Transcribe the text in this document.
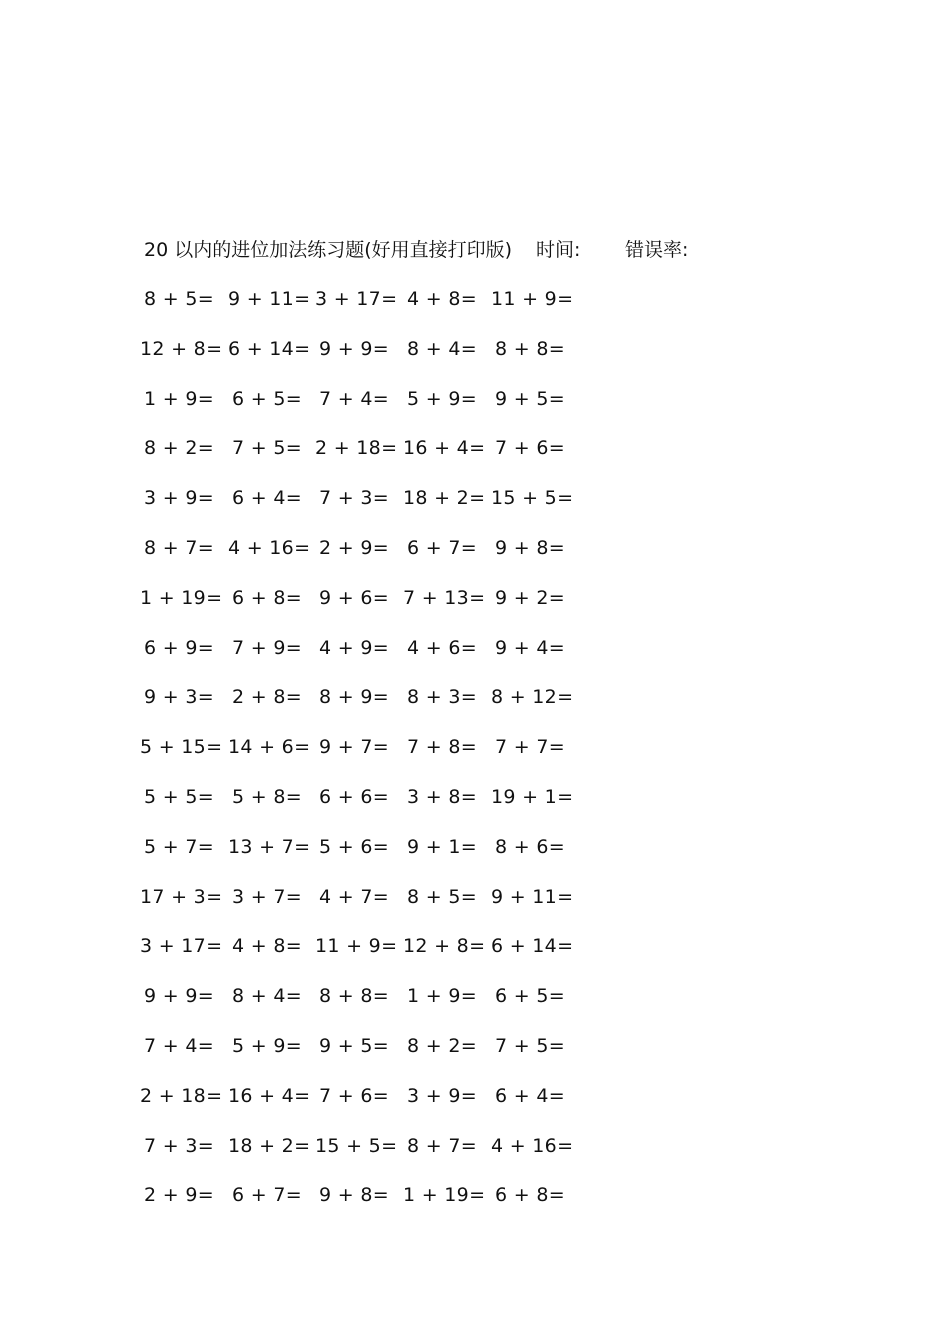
20 以内的进位加法练习题(好用直接打印版) 时间: 错误率:
8 + 5= 9 + 11= 3 + 17= 4 + 8= 11 + 9=
12 + 8= 6 + 14= 9 + 9= 8 + 4= 8 + 8=
1 + 9= 6 + 5= 7 + 4= 5 + 9= 9 + 5=
8 + 2= 7 + 5= 2 + 18= 16 + 4= 7 + 6=
3 + 9= 6 + 4= 7 + 3= 18 + 2= 15 + 5=
8 + 7= 4 + 16= 2 + 9= 6 + 7= 9 + 8=
1 + 19= 6 + 8= 9 + 6= 7 + 13= 9 + 2=
6 + 9= 7 + 9= 4 + 9= 4 + 6= 9 + 4=
9 + 3= 2 + 8= 8 + 9= 8 + 3= 8 + 12=
5 + 15= 14 + 6= 9 + 7= 7 + 8= 7 + 7=
5 + 5= 5 + 8= 6 + 6= 3 + 8= 19 + 1=
5 + 7= 13 + 7= 5 + 6= 9 + 1= 8 + 6=
17 + 3= 3 + 7= 4 + 7= 8 + 5= 9 + 11=
3 + 17= 4 + 8= 11 + 9= 12 + 8= 6 + 14=
9 + 9= 8 + 4= 8 + 8= 1 + 9= 6 + 5=
7 + 4= 5 + 9= 9 + 5= 8 + 2= 7 + 5=
2 + 18= 16 + 4= 7 + 6= 3 + 9= 6 + 4=
7 + 3= 18 + 2= 15 + 5= 8 + 7= 4 + 16=
2 + 9= 6 + 7= 9 + 8= 1 + 19= 6 + 8=
